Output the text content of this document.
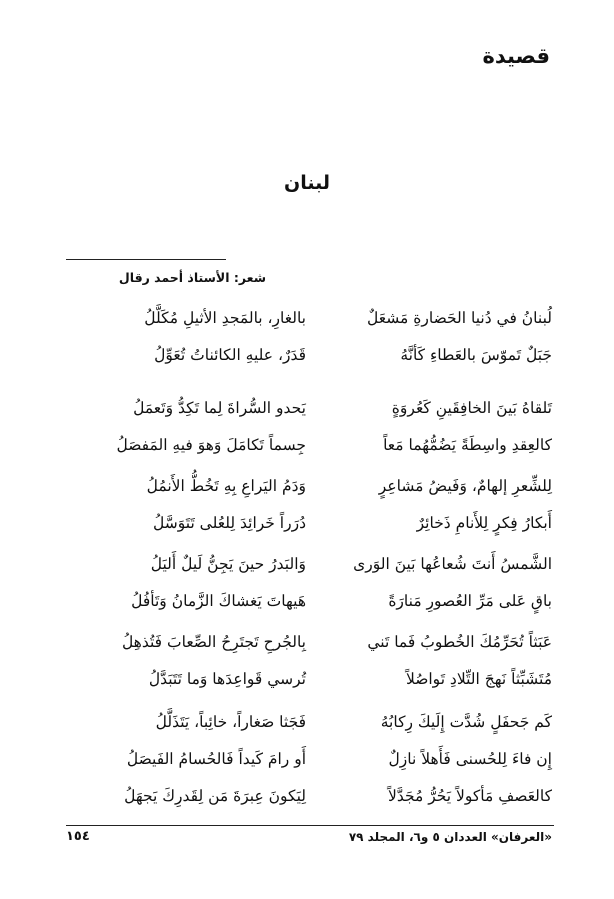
قصيدة
لبنان
شعر: الأستاذ أحمد رقال
لُبنانُ في دُنيا الحَضارةِ مَشعَلٌ
بالغارِ، بالمَجدِ الأثيلِ مُكَلَّلُ
جَبَلٌ تَموّسَ بالعَطاءِ كَأنَّهُ
قَدَرٌ، عليهِ الكائناتُ تُعَوِّلُ
تَلقاهُ بَينَ الخافِقَينِ كَعُروَةٍ
يَحدو السُّراةَ لِما تَكِدُّ وَتَعمَلُ
كالعِقدِ واسِطَةً يَضُمُّهُما مَعاً
جِسماً تَكامَلَ وَهوَ فيهِ المَفصَلُ
لِلشِّعرِ إلهامٌ، وَفَيضُ مَشاعِرٍ
وَدَمُ اليَراعِ بِهِ تَخُطُّ الأَنمُلُ
أَبكارُ فِكرٍ لِلأَنامِ ذَخائِرٌ
دُرَراً خَرائِدَ لِلعُلى تَتَوَسَّلُ
الشَّمسُ أَنتَ شُعاعُها بَينَ الوَرى
وَالبَدرُ حينَ يَجِنُّ لَيلٌ أَليَلُ
باقٍ عَلى مَرِّ العُصورِ مَنارَةً
هَيهاتَ يَغشاكَ الزَّمانُ وَتَأفُلُ
عَبَثاً تُحَرِّمُكَ الخُطوبُ فَما تَني
بِالجُرحِ تَجتَرِحُ الصِّعابَ فَتُذهِلُ
مُتَشَبِّثاً نَهجَ التِّلادِ تَواصُلاً
تُرسي قَواعِدَها وَما تَتَبَدَّلُ
كَم جَحفَلٍ شُدَّت إِلَيكَ رِكابُهُ
فَجَثا صَغاراً، خائِباً، يَتَذَلَّلُ
إِن فاءَ لِلحُسنى فَأَهلاً نازِلٌ
أَو رامَ كَيداً فَالحُسامُ الفَيصَلُ
كالعَصفِ مَأكولاً يَحُرُّ مُجَدَّلاً
لِيَكونَ عِبرَةَ مَن لِقَدرِكَ يَجهَلُ
«العرفان» العددان ٥ و٦، المجلد ٧٩
١٥٤
